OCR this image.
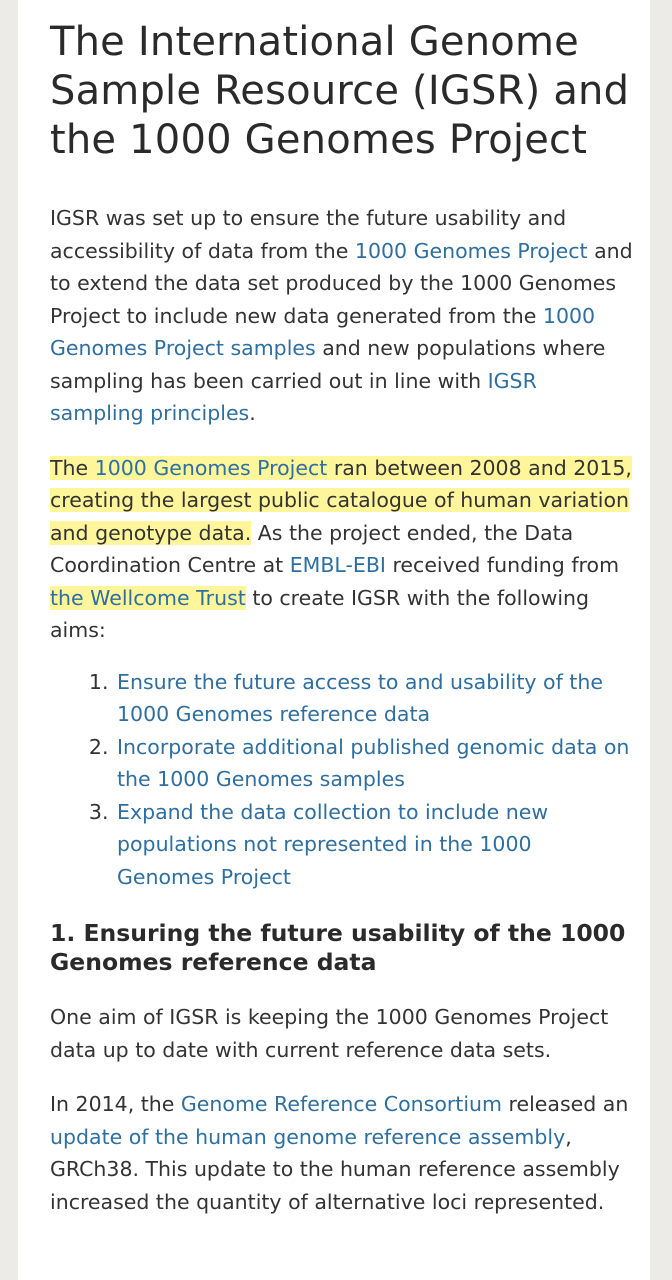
The International Genome Sample Resource (IGSR) and the 1000 Genomes Project

IGSR was set up to ensure the future usability and accessibility of data from the 1000 Genomes Project and to extend the data set produced by the 1000 Genomes Project to include new data generated from the 1000 Genomes Project samples and new populations where sampling has been carried out in line with IGSR sampling principles.

The 1000 Genomes Project ran between 2008 and 2015, creating the largest public catalogue of human variation and genotype data. As the project ended, the Data Coordination Centre at EMBL-EBI received funding from the Wellcome Trust to create IGSR with the following aims:

1. Ensure the future access to and usability of the 1000 Genomes reference data
2. Incorporate additional published genomic data on the 1000 Genomes samples
3. Expand the data collection to include new populations not represented in the 1000 Genomes Project
1. Ensuring the future usability of the 1000 Genomes reference data

One aim of IGSR is keeping the 1000 Genomes Project data up to date with current reference data sets.

In 2014, the Genome Reference Consortium released an update of the human genome reference assembly, GRCh38. This update to the human reference assembly increased the quantity of alternative loci represented.
